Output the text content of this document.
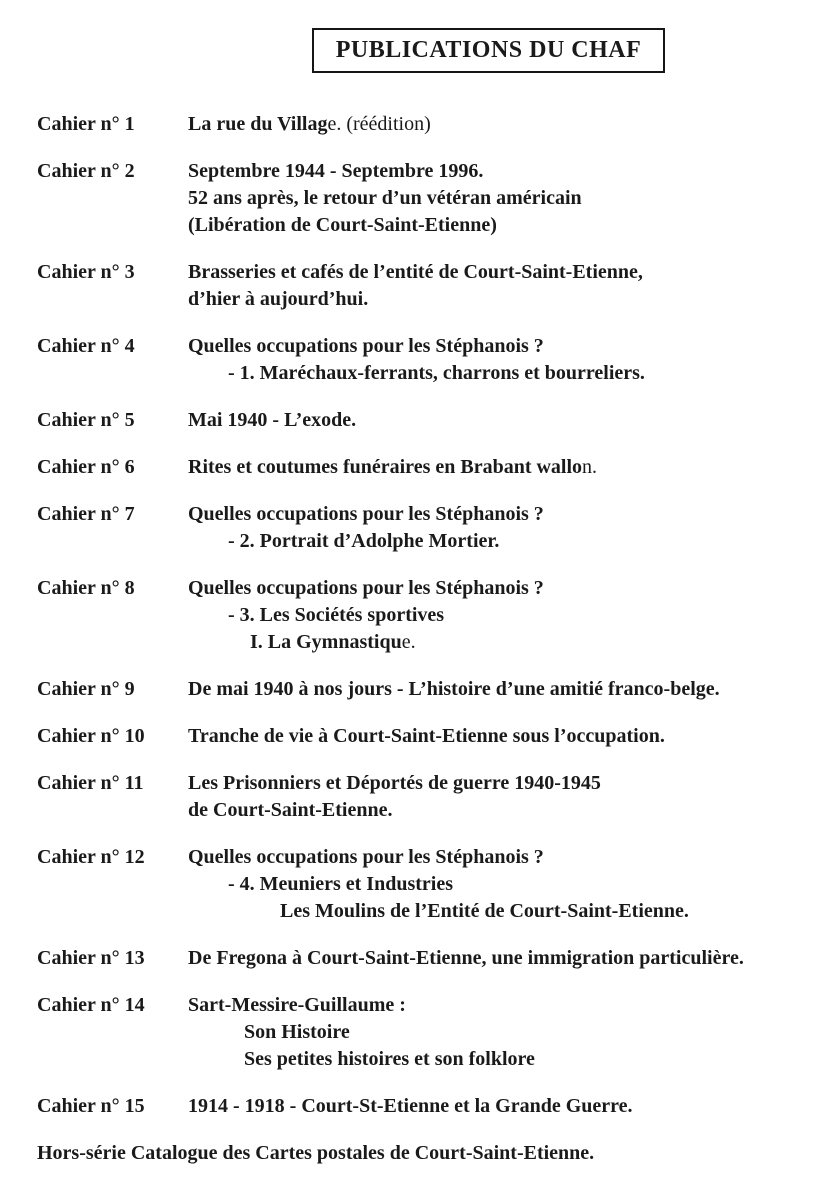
PUBLICATIONS DU CHAF
Cahier n° 1	La rue du Village. (réédition)
Cahier n° 2	Septembre 1944 - Septembre 1996.
52 ans après, le retour d’un vétéran américain
(Libération de Court-Saint-Etienne)
Cahier n° 3	Brasseries et cafés de l’entité de Court-Saint-Etienne,
d’hier à aujourd’hui.
Cahier n° 4	Quelles occupations pour les Stéphanois ?
- 1. Maréchaux-ferrants, charrons et bourreliers.
Cahier n° 5	Mai 1940 - L’exode.
Cahier n° 6	Rites et coutumes funéraires en Brabant wallon.
Cahier n° 7	Quelles occupations pour les Stéphanois ?
- 2. Portrait d’Adolphe Mortier.
Cahier n° 8	Quelles occupations pour les Stéphanois ?
- 3. Les Sociétés sportives
I. La Gymnastique.
Cahier n° 9	De mai 1940 à nos jours - L’histoire d’une amitié franco-belge.
Cahier n° 10	Tranche de vie à Court-Saint-Etienne sous l’occupation.
Cahier n° 11	Les Prisonniers et Déportés de guerre 1940-1945
de Court-Saint-Etienne.
Cahier n° 12	Quelles occupations pour les Stéphanois ?
- 4. Meuniers et Industries
Les Moulins de l’Entité de Court-Saint-Etienne.
Cahier n° 13	De Fregona à Court-Saint-Etienne, une immigration particulière.
Cahier n° 14	Sart-Messire-Guillaume :
Son Histoire
Ses petites histoires et son folklore
Cahier n° 15	1914 - 1918 - Court-St-Etienne et la Grande Guerre.
Hors-série Catalogue des Cartes postales de Court-Saint-Etienne.
